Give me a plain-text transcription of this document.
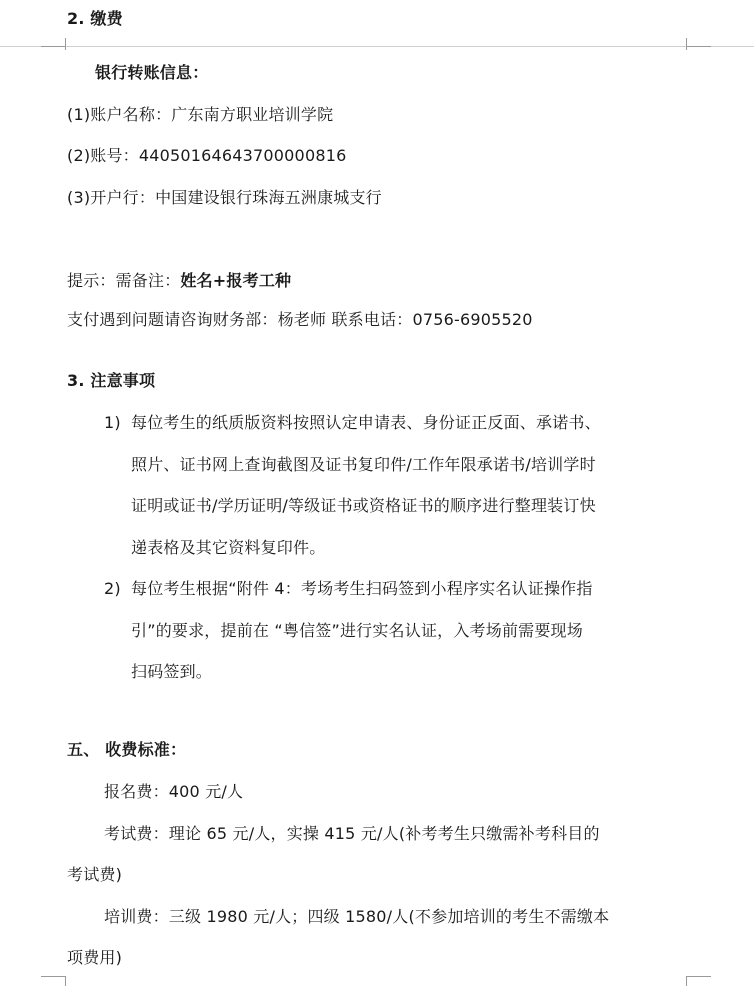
2. 缴费
银行转账信息：
(1)账户名称：广东南方职业培训学院
(2)账号：44050164643700000816
(3)开户行：中国建设银行珠海五洲康城支行
提示：需备注：姓名+报考工种
支付遇到问题请咨询财务部：杨老师 联系电话：0756-6905520
3. 注意事项
1) 每位考生的纸质版资料按照认定申请表、身份证正反面、承诺书、
照片、证书网上查询截图及证书复印件/工作年限承诺书/培训学时
证明或证书/学历证明/等级证书或资格证书的顺序进行整理装订快
递表格及其它资料复印件。
2) 每位考生根据“附件 4：考场考生扫码签到小程序实名认证操作指
引”的要求，提前在 “粤信签”进行实名认证，入考场前需要现场
扫码签到。
五、 收费标准：
报名费：400 元/人
考试费：理论 65 元/人，实操 415 元/人(补考考生只缴需补考科目的
考试费)
培训费：三级 1980 元/人；四级 1580/人(不参加培训的考生不需缴本
项费用)
